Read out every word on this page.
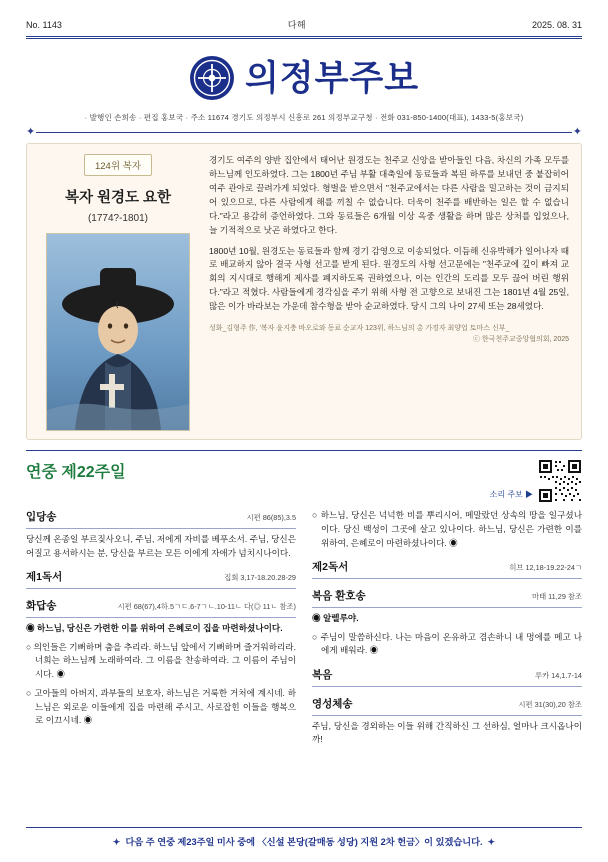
No. 1143	다해	2025. 08. 31
의정부주보
· 발행인 손희송 · 편집 홍보국 · 주소 11674 경기도 의정부시 신흥로 261 의정부교구청 · 전화 031-850-1400(대표), 1433-5(홍보국)
✦	✦
124위 복자
복자 원경도 요한
(1774?-1801)

경기도 여주의 양반 집안에서 태어난 원경도는 천주교 신앙을 받아들인 다음, 차신의 가족 모두를 하느님께 인도하였다. 그는 1800년 주님 부활 대축일에 동료들과 복된 하루를 보내던 중 붙잡히어 여주 관아로 끌려가게 되었다. 형벌을 받으면서 "천주교에서는 다른 사람을 밀고하는 것이 금지되어 있으므로, 다른 사람에게 해를 끼칠 수 없습니다. 더욱이 천주를 배반하는 일은 할 수 없습니다."라고 용감히 증언하였다. 그와 동료들은 6개월 이상 옥중 생활을 하며 많은 상처를 입었으나, 늘 기적적으로 낫곤 하였다고 한다.

1800년 10월, 원경도는 동료들과 함께 경기 감영으로 이송되었다. 이듬해 신유박해가 일어나자 때로 배교하지 않아 결국 사형 선고를 받게 된다. 원경도의 사형 선고문에는 "천주교에 깊이 빠져 교회의 지시대로 행해게 제사를 폐지하도록 권하였으나, 이는 인간의 도리를 모두 끊어 버린 행위다."라고 적혔다. 사람들에게 경각심을 주기 위해 사형 전 고향으로 보내진 그는 1801년 4월 25일, 많은 이가 바라보는 가운데 참수형을 받아 순교하였다. 당시 그의 나이 27세 또는 28세였다.

성화_김형주 作, '복자 윤지충 바오로와 동료 순교자 123위, 하느님의 총 가경자 최양업 토마스 신부_
ⓒ 한국천주교중앙협의회, 2025
연중 제22주일
소리 주보 ▶
입당송	시편 86(85),3.5

당신께 온종일 부르짖사오니, 주님, 저에게 자비를 베푸소서. 주님, 당신은 어질고 용서하시는 분, 당신을 부르는 모든 이에게 자애가 넘치시나이다.

제1독서	집회 3,17-18.20.28-29
화답송	시편 68(67),4하.5ㄱㄷ.6-7ㄱㄴ.10-11ㄴ 다(◎ 11ㄴ 참조)

◉ 하느님, 당신은 가련한 이를 위하여 은혜로이 집을 마련하셨나이다.

○ 의인들은 기뻐하며 춤을 추리라. 하느님 앞에서 기뻐하며 즐거워하리라. 너희는 하느님께 노래하여라. 그 이름을 찬송하여라. 그 이름이 주님이시다. ◉

○ 고아들의 아버지, 과부들의 보호자, 하느님은 거룩한 거처에 계시네. 하느님은 외로운 이들에게 집을 마련해 주시고, 사로잡힌 이들을 행복으로 이끄시네. ◉

○ 하느님, 당신은 넉넉한 비를 뿌리시어, 메말랐던 상속의 땅을 일구셨나이다. 당신 백성이 그곳에 살고 있나이다. 하느님, 당신은 가련한 이를 위하여, 은혜로이 마련하셨나이다. ◉

제2독서	히브 12,18-19.22-24ㄱ
복음 환호송	마태 11,29 참조

◉ 알렐루야.

○ 주님이 말씀하신다. 나는 마음이 온유하고 겸손하니 내 멍에를 메고 나에게 배워라. ◉

복음	루카 14,1.7-14
영성체송	시편 31(30),20 참조

주님, 당신을 경외하는 이들 위해 간직하신 그 선하심, 얼마나 크시옵나이까!

✦ 다음 주 연중 제23주일 미사 중에 〈신설 본당(갈매동 성당) 지원 2차 헌금〉이 있겠습니다. ✦
